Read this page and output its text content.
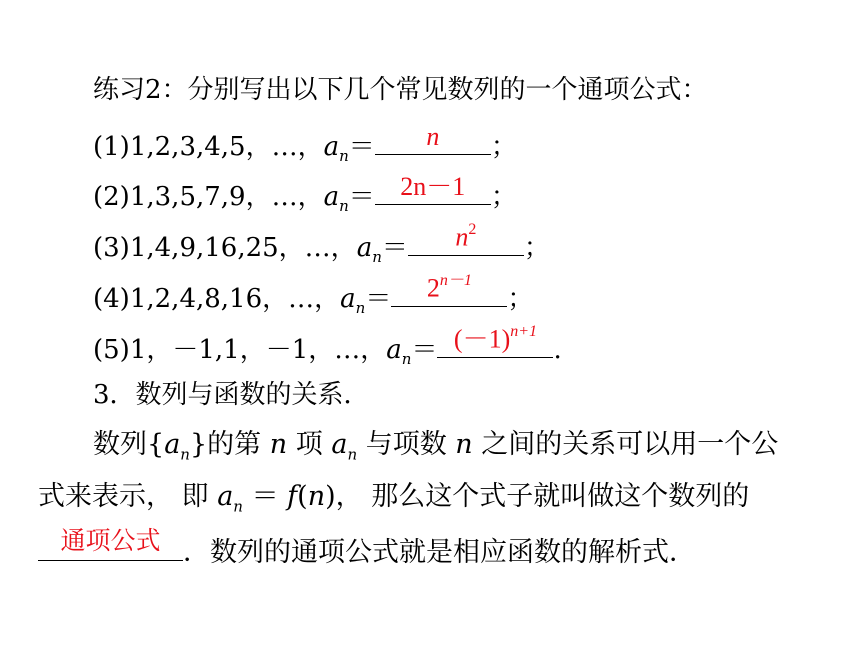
练习2：分别写出以下几个常见数列的一个通项公式：
(1)1,2,3,4,5，…，$a_n=$	n	；
(2)1,3,5,7,9，…，$a_n= 2n-1$ ；
(3)1,4,9,16,25，…，$a_n=$	$n^2$
；
(4)1,2,4,8,16，…，$a_n=$	$2^{n-1}$
；
(5)1，－1,1，－1，…，$a_n= (-1)^{n+1}$
.
3．数列与函数的关系．
数列$\{a_n\}$的第 n 项 $a_n$ 与项数 n 之间的关系可以用一个公
式来表示， 即 $a_n = f(n)$， 那么这个式子就叫做这个数列的
通项公式 ．数列的通项公式就是相应函数的解析式．
